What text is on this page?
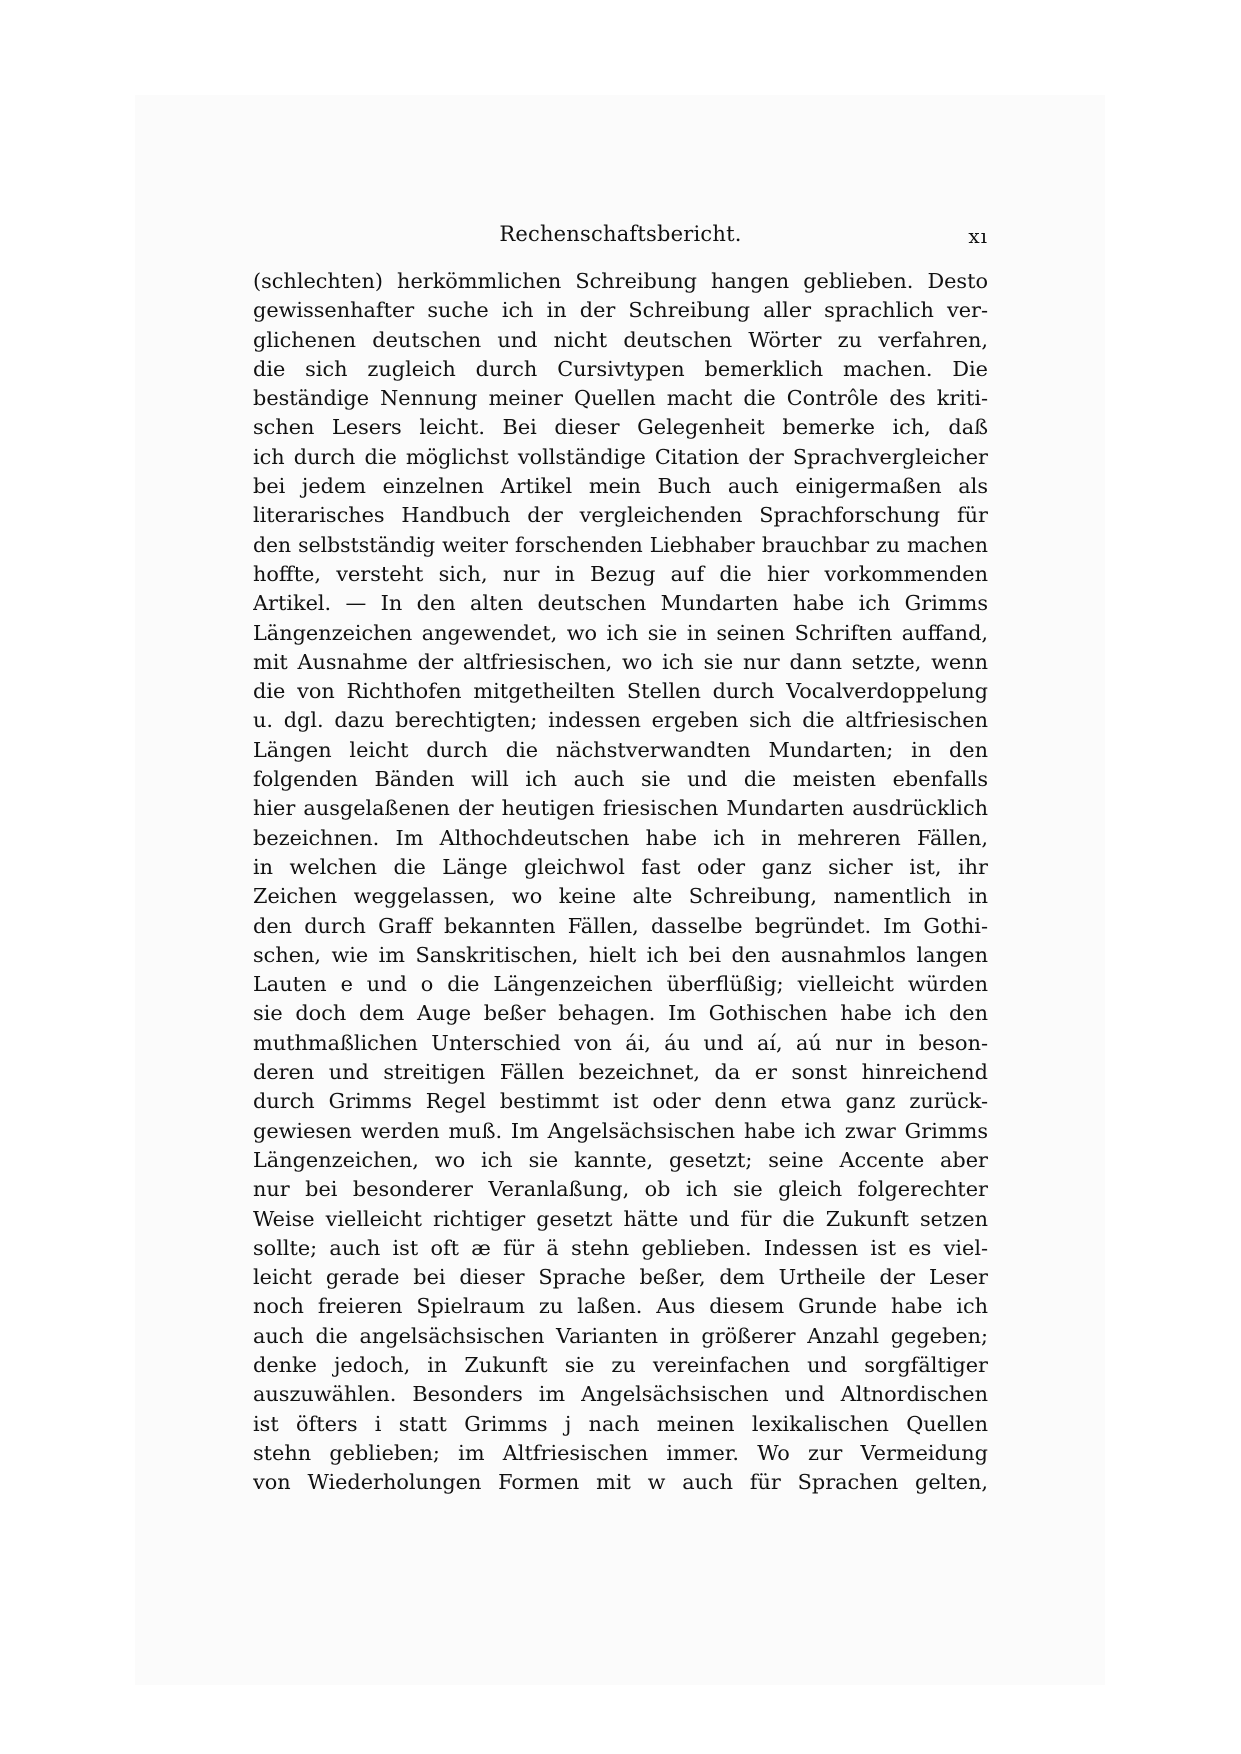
Rechenschaftsbericht.	xı
(schlechten) herkömmlichen Schreibung hangen geblieben. Desto
gewissenhafter suche ich in der Schreibung aller sprachlich ver-
glichenen deutschen und nicht deutschen Wörter zu verfahren,
die sich zugleich durch Cursivtypen bemerklich machen. Die
beständige Nennung meiner Quellen macht die Contrôle des kriti-
schen Lesers leicht. Bei dieser Gelegenheit bemerke ich, daß
ich durch die möglichst vollständige Citation der Sprachvergleicher
bei jedem einzelnen Artikel mein Buch auch einigermaßen als
literarisches Handbuch der vergleichenden Sprachforschung für
den selbstständig weiter forschenden Liebhaber brauchbar zu machen
hoffte, versteht sich, nur in Bezug auf die hier vorkommenden
Artikel. — In den alten deutschen Mundarten habe ich Grimms
Längenzeichen angewendet, wo ich sie in seinen Schriften auffand,
mit Ausnahme der altfriesischen, wo ich sie nur dann setzte, wenn
die von Richthofen mitgetheilten Stellen durch Vocalverdoppelung
u. dgl. dazu berechtigten; indessen ergeben sich die altfriesischen
Längen leicht durch die nächstverwandten Mundarten; in den
folgenden Bänden will ich auch sie und die meisten ebenfalls
hier ausgelaßenen der heutigen friesischen Mundarten ausdrücklich
bezeichnen. Im Althochdeutschen habe ich in mehreren Fällen,
in welchen die Länge gleichwol fast oder ganz sicher ist, ihr
Zeichen weggelassen, wo keine alte Schreibung, namentlich in
den durch Graff bekannten Fällen, dasselbe begründet. Im Gothi-
schen, wie im Sanskritischen, hielt ich bei den ausnahmlos langen
Lauten e und o die Längenzeichen überflüßig; vielleicht würden
sie doch dem Auge beßer behagen. Im Gothischen habe ich den
muthmaßlichen Unterschied von ái, áu und aí, aú nur in beson-
deren und streitigen Fällen bezeichnet, da er sonst hinreichend
durch Grimms Regel bestimmt ist oder denn etwa ganz zurück-
gewiesen werden muß. Im Angelsächsischen habe ich zwar Grimms
Längenzeichen, wo ich sie kannte, gesetzt; seine Accente aber
nur bei besonderer Veranlaßung, ob ich sie gleich folgerechter
Weise vielleicht richtiger gesetzt hätte und für die Zukunft setzen
sollte; auch ist oft æ für ä stehn geblieben. Indessen ist es viel-
leicht gerade bei dieser Sprache beßer, dem Urtheile der Leser
noch freieren Spielraum zu laßen. Aus diesem Grunde habe ich
auch die angelsächsischen Varianten in größerer Anzahl gegeben;
denke jedoch, in Zukunft sie zu vereinfachen und sorgfältiger
auszuwählen. Besonders im Angelsächsischen und Altnordischen
ist öfters i statt Grimms j nach meinen lexikalischen Quellen
stehn geblieben; im Altfriesischen immer. Wo zur Vermeidung
von Wiederholungen Formen mit w auch für Sprachen gelten,
